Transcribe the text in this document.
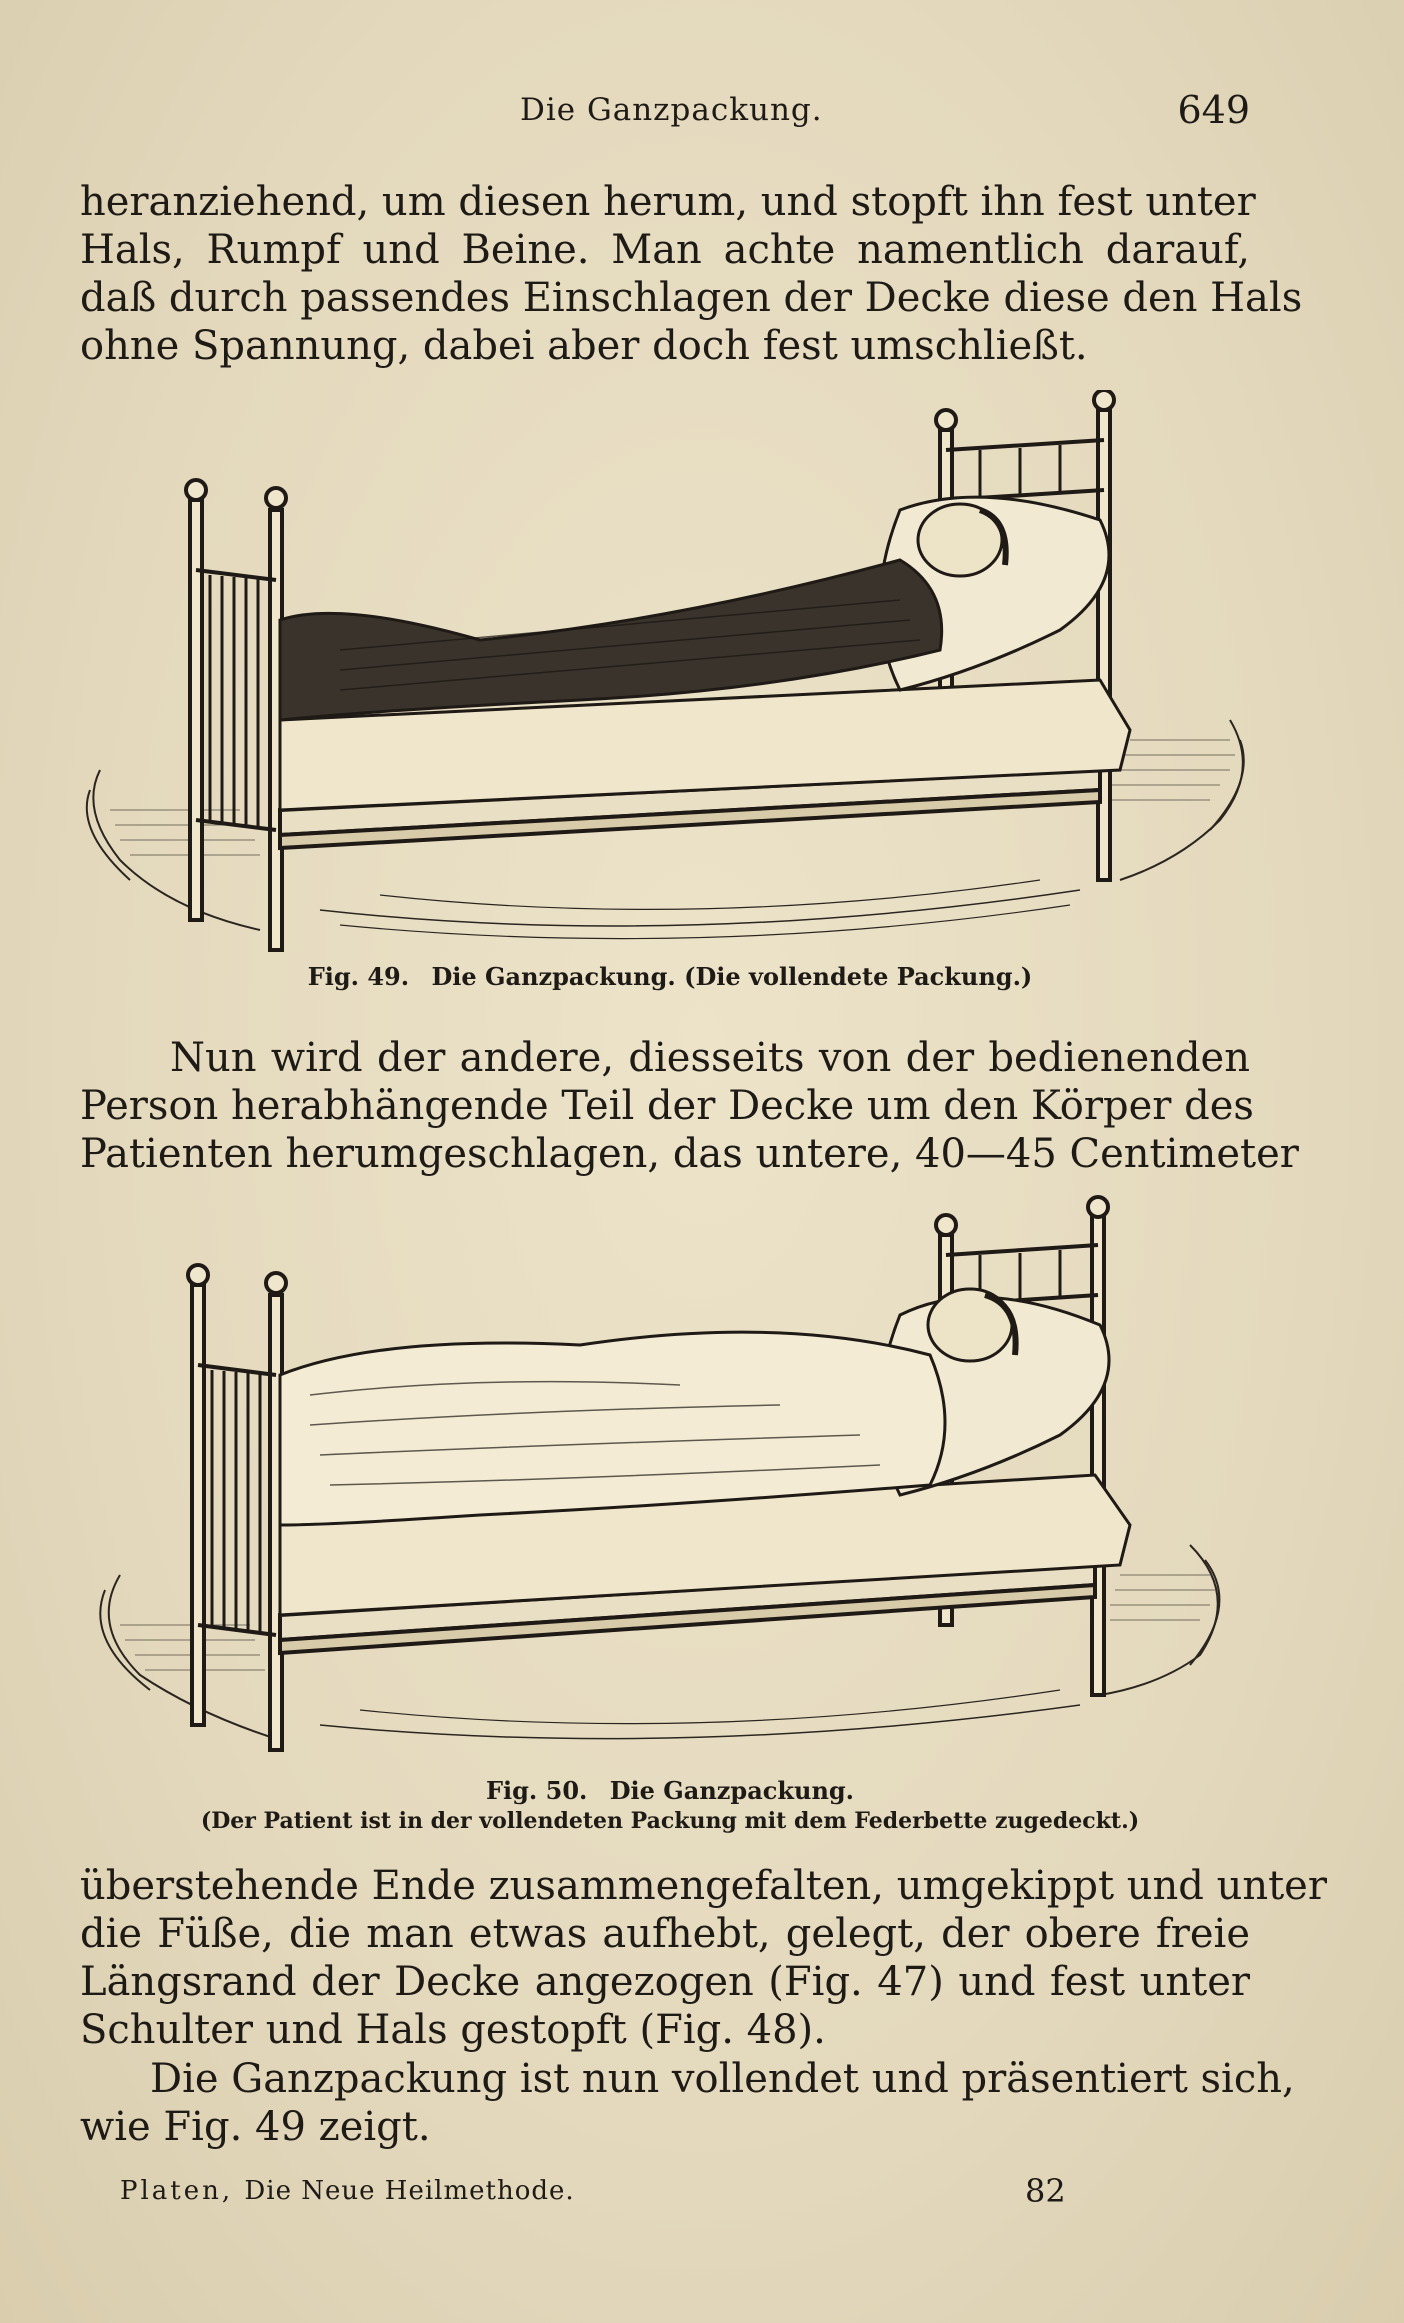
Die Ganzpackung.	649

heranziehend, um diesen herum, und stopft ihn fest unter
Hals, Rumpf und Beine. Man achte namentlich darauf,
daß durch passendes Einschlagen der Decke diese den Hals
ohne Spannung, dabei aber doch fest umschließt.

Fig. 49. Die Ganzpackung. (Die vollendete Packung.)

Nun wird der andere, diesseits von der bedienenden
Person herabhängende Teil der Decke um den Körper des
Patienten herumgeschlagen, das untere, 40—45 Centimeter

Fig. 50. Die Ganzpackung.
(Der Patient ist in der vollendeten Packung mit dem Federbette zugedeckt.)

überstehende Ende zusammengefalten, umgekippt und unter
die Füße, die man etwas aufhebt, gelegt, der obere freie
Längsrand der Decke angezogen (Fig. 47) und fest unter
Schulter und Hals gestopft (Fig. 48).

Die Ganzpackung ist nun vollendet und präsentiert sich,
wie Fig. 49 zeigt.

Platen, Die Neue Heilmethode.	82
